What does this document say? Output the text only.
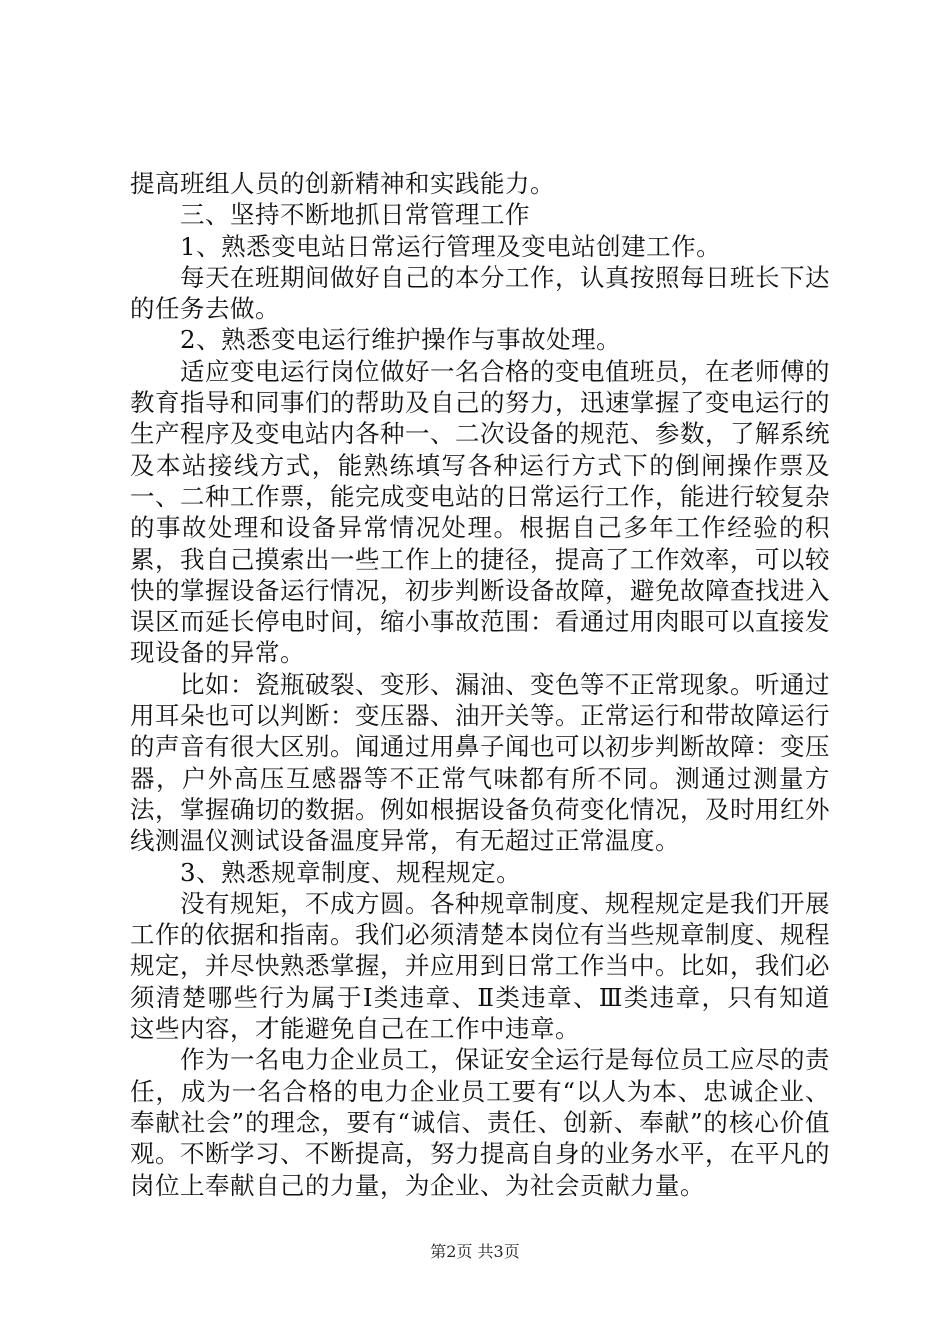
提高班组人员的创新精神和实践能力。

三、坚持不断地抓日常管理工作

1、熟悉变电站日常运行管理及变电站创建工作。

每天在班期间做好自己的本分工作，认真按照每日班长下达的任务去做。

2、熟悉变电运行维护操作与事故处理。

适应变电运行岗位做好一名合格的变电值班员，在老师傅的教育指导和同事们的帮助及自己的努力，迅速掌握了变电运行的生产程序及变电站内各种一、二次设备的规范、参数，了解系统及本站接线方式，能熟练填写各种运行方式下的倒闸操作票及一、二种工作票，能完成变电站的日常运行工作，能进行较复杂的事故处理和设备异常情况处理。根据自己多年工作经验的积累，我自己摸索出一些工作上的捷径，提高了工作效率，可以较快的掌握设备运行情况，初步判断设备故障，避免故障查找进入误区而延长停电时间，缩小事故范围：看通过用肉眼可以直接发现设备的异常。

比如：瓷瓶破裂、变形、漏油、变色等不正常现象。听通过用耳朵也可以判断：变压器、油开关等。正常运行和带故障运行的声音有很大区别。闻通过用鼻子闻也可以初步判断故障：变压器，户外高压互感器等不正常气味都有所不同。测通过测量方法，掌握确切的数据。例如根据设备负荷变化情况，及时用红外线测温仪测试设备温度异常，有无超过正常温度。

3、熟悉规章制度、规程规定。

没有规矩，不成方圆。各种规章制度、规程规定是我们开展工作的依据和指南。我们必须清楚本岗位有当些规章制度、规程规定，并尽快熟悉掌握，并应用到日常工作当中。比如，我们必须清楚哪些行为属于Ⅰ类违章、Ⅱ类违章、Ⅲ类违章，只有知道这些内容，才能避免自己在工作中违章。

作为一名电力企业员工，保证安全运行是每位员工应尽的责任，成为一名合格的电力企业员工要有“以人为本、忠诚企业、奉献社会”的理念，要有“诚信、责任、创新、奉献”的核心价值观。不断学习、不断提高，努力提高自身的业务水平，在平凡的岗位上奉献自己的力量，为企业、为社会贡献力量。

第2页 共3页
